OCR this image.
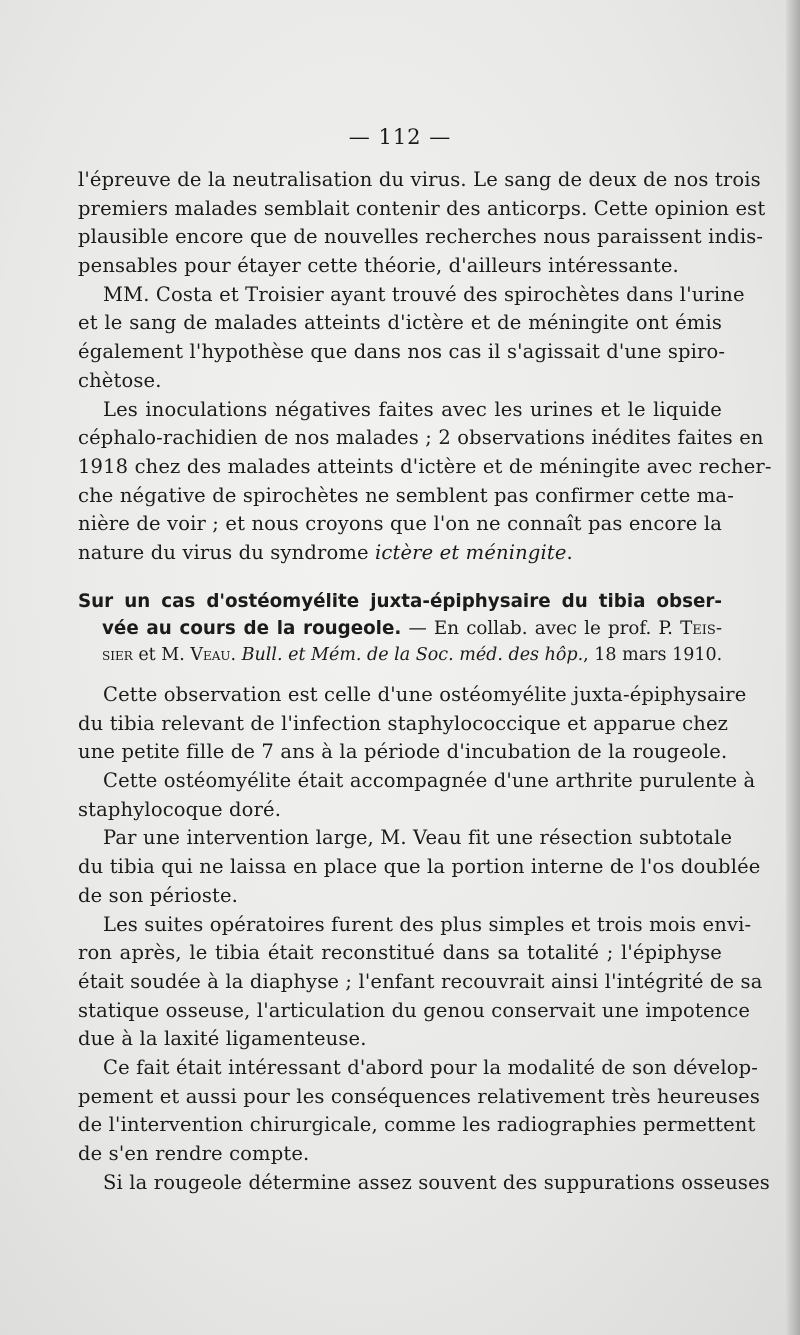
— 112 —
l'épreuve de la neutralisation du virus. Le sang de deux de nos trois
premiers malades semblait contenir des anticorps. Cette opinion est
plausible encore que de nouvelles recherches nous paraissent indis-
pensables pour étayer cette théorie, d'ailleurs intéressante.
MM. Costa et Troisier ayant trouvé des spirochètes dans l'urine
et le sang de malades atteints d'ictère et de méningite ont émis
également l'hypothèse que dans nos cas il s'agissait d'une spiro-
chètose.
Les inoculations négatives faites avec les urines et le liquide
céphalo-rachidien de nos malades ; 2 observations inédites faites en
1918 chez des malades atteints d'ictère et de méningite avec recher-
che négative de spirochètes ne semblent pas confirmer cette ma-
nière de voir ; et nous croyons que l'on ne connaît pas encore la
nature du virus du syndrome ictère et méningite.
Sur un cas d'ostéomyélite juxta-épiphysaire du tibia obser-
vée au cours de la rougeole. — En collab. avec le prof. P. Teis-
sier et M. Veau. Bull. et Mém. de la Soc. méd. des hôp., 18 mars 1910.
Cette observation est celle d'une ostéomyélite juxta-épiphysaire
du tibia relevant de l'infection staphylococcique et apparue chez
une petite fille de 7 ans à la période d'incubation de la rougeole.
Cette ostéomyélite était accompagnée d'une arthrite purulente à
staphylocoque doré.
Par une intervention large, M. Veau fit une résection subtotale
du tibia qui ne laissa en place que la portion interne de l'os doublée
de son périoste.
Les suites opératoires furent des plus simples et trois mois envi-
ron après, le tibia était reconstitué dans sa totalité ; l'épiphyse
était soudée à la diaphyse ; l'enfant recouvrait ainsi l'intégrité de sa
statique osseuse, l'articulation du genou conservait une impotence
due à la laxité ligamenteuse.
Ce fait était intéressant d'abord pour la modalité de son dévelop-
pement et aussi pour les conséquences relativement très heureuses
de l'intervention chirurgicale, comme les radiographies permettent
de s'en rendre compte.
Si la rougeole détermine assez souvent des suppurations osseuses
